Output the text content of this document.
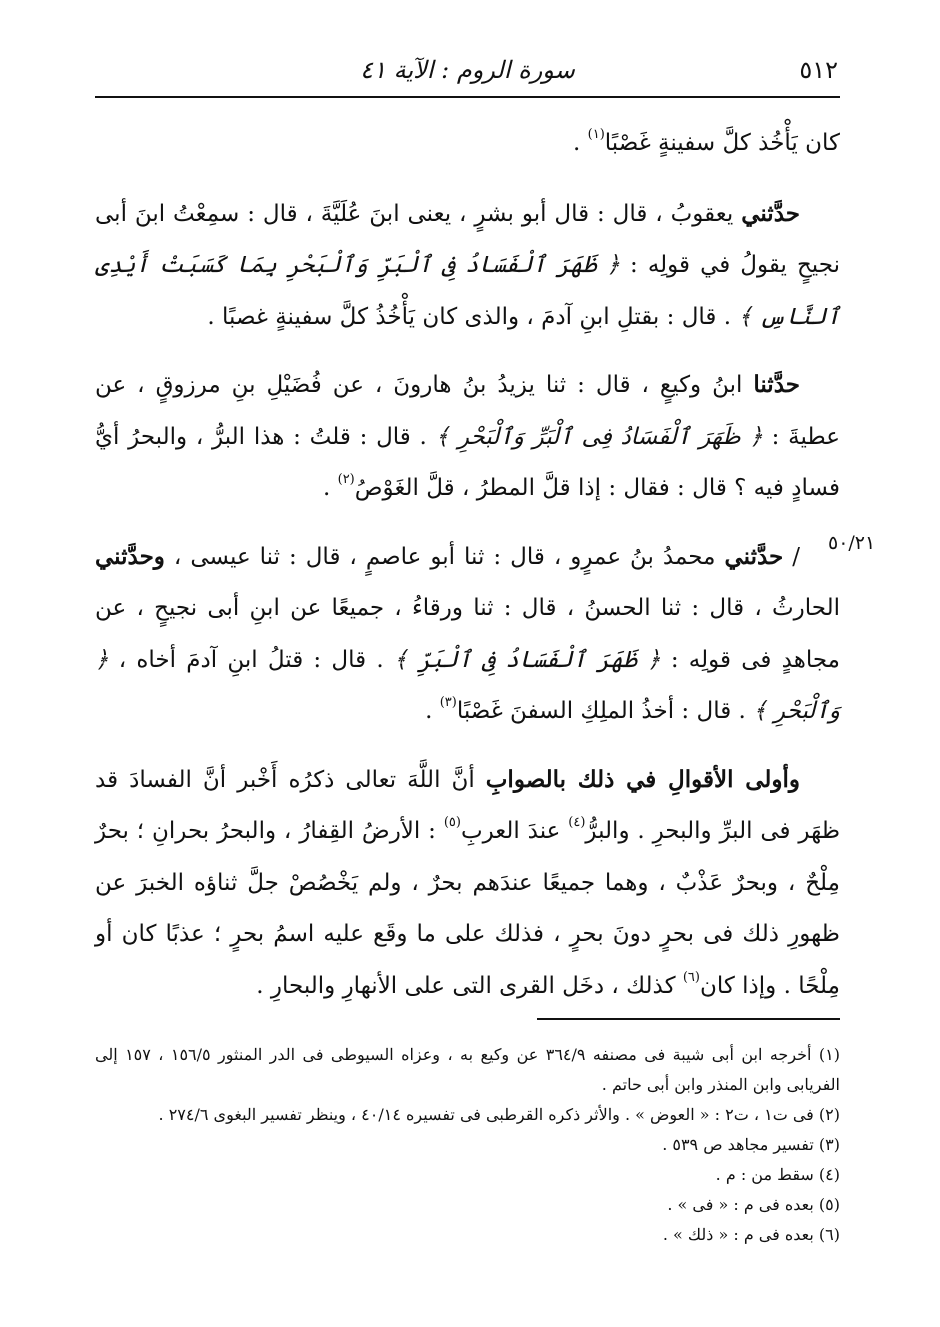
٥١٢
سورة الروم : الآية ٤١
٥٠/٢١

كان يَأْخُذ كلَّ سفينةٍ غَصْبًا$^{(١)}$ .

حدَّثني يعقوبُ ، قال : قال أبو بشرٍ ، يعنى ابنَ عُلَيَّةَ ، قال : سمِعْتُ ابنَ أبى نجيحٍ يقولُ في قولِه : ﴿ ظَهَرَ ٱلْفَسَادُ فِى ٱلْبَرِّ وَٱلْبَحْرِ بِمَا كَسَبَتْ أَيْدِى ٱلنَّاسِ ﴾ . قال : بقتلِ ابنِ آدمَ ، والذى كان يَأْخُذُ كلَّ سفينةٍ غصبًا .

حدَّثنا ابنُ وكيعٍ ، قال : ثنا يزيدُ بنُ هارونَ ، عن فُضَيْلِ بنِ مرزوقٍ ، عن عطيةَ : ﴿ ظَهَرَ ٱلْفَسَادُ فِى ٱلْبَرِّ وَٱلْبَحْرِ ﴾ . قال : قلتُ : هذا البرُّ ، والبحرُ أيُّ فسادٍ فيه ؟ قال : فقال : إذا قلَّ المطرُ ، قلَّ الغَوْصُ$^{(٢)}$ .

/ حدَّثني محمدُ بنُ عمرٍو ، قال : ثنا أبو عاصمٍ ، قال : ثنا عيسى ، وحدَّثني الحارثُ ، قال : ثنا الحسنُ ، قال : ثنا ورقاءُ ، جميعًا عن ابنِ أبى نجيحٍ ، عن مجاهدٍ فى قولِه : ﴿ ظَهَرَ ٱلْفَسَادُ فِى ٱلْبَرِّ ﴾ . قال : قتلُ ابنِ آدمَ أخاه ، ﴿ وَٱلْبَحْرِ ﴾ . قال : أخذُ الملِكِ السفنَ غَصْبًا$^{(٣)}$ .

وأولى الأقوالِ في ذلك بالصوابِ أنَّ اللَّهَ تعالى ذكرُه أَخْبر أنَّ الفسادَ قد ظهَر فى البرِّ والبحرِ . والبرُّ$^{(٤)}$ عندَ العربِ$^{(٥)}$ : الأرضُ القِفارُ ، والبحرُ بحرانِ ؛ بحرٌ مِلْحٌ ، وبحرٌ عَذْبٌ ، وهما جميعًا عندَهم بحرٌ ، ولم يَخْصُصْ جلَّ ثناؤه الخبرَ عن ظهورِ ذلك فى بحرٍ دونَ بحرٍ ، فذلك على ما وقَع عليه اسمُ بحرٍ ؛ عذبًا كان أو مِلْحًا . وإذا كان$^{(٦)}$ كذلك ، دخَل القرى التى على الأنهارِ والبحارِ .

(١) أخرجه ابن أبى شيبة فى مصنفه ٣٦٤/٩ عن وكيع به ، وعزاه السيوطى فى الدر المنثور ١٥٦/٥ ، ١٥٧ إلى الفريابى وابن المنذر وابن أبى حاتم .

(٢) فى ت١ ، ت٢ : « العوض » . والأثر ذكره القرطبى فى تفسيره ٤٠/١٤ ، وينظر تفسير البغوى ٢٧٤/٦ .

(٣) تفسير مجاهد ص ٥٣٩ .

(٤) سقط من : م .

(٥) بعده فى م : « فى » .

(٦) بعده فى م : « ذلك » .
